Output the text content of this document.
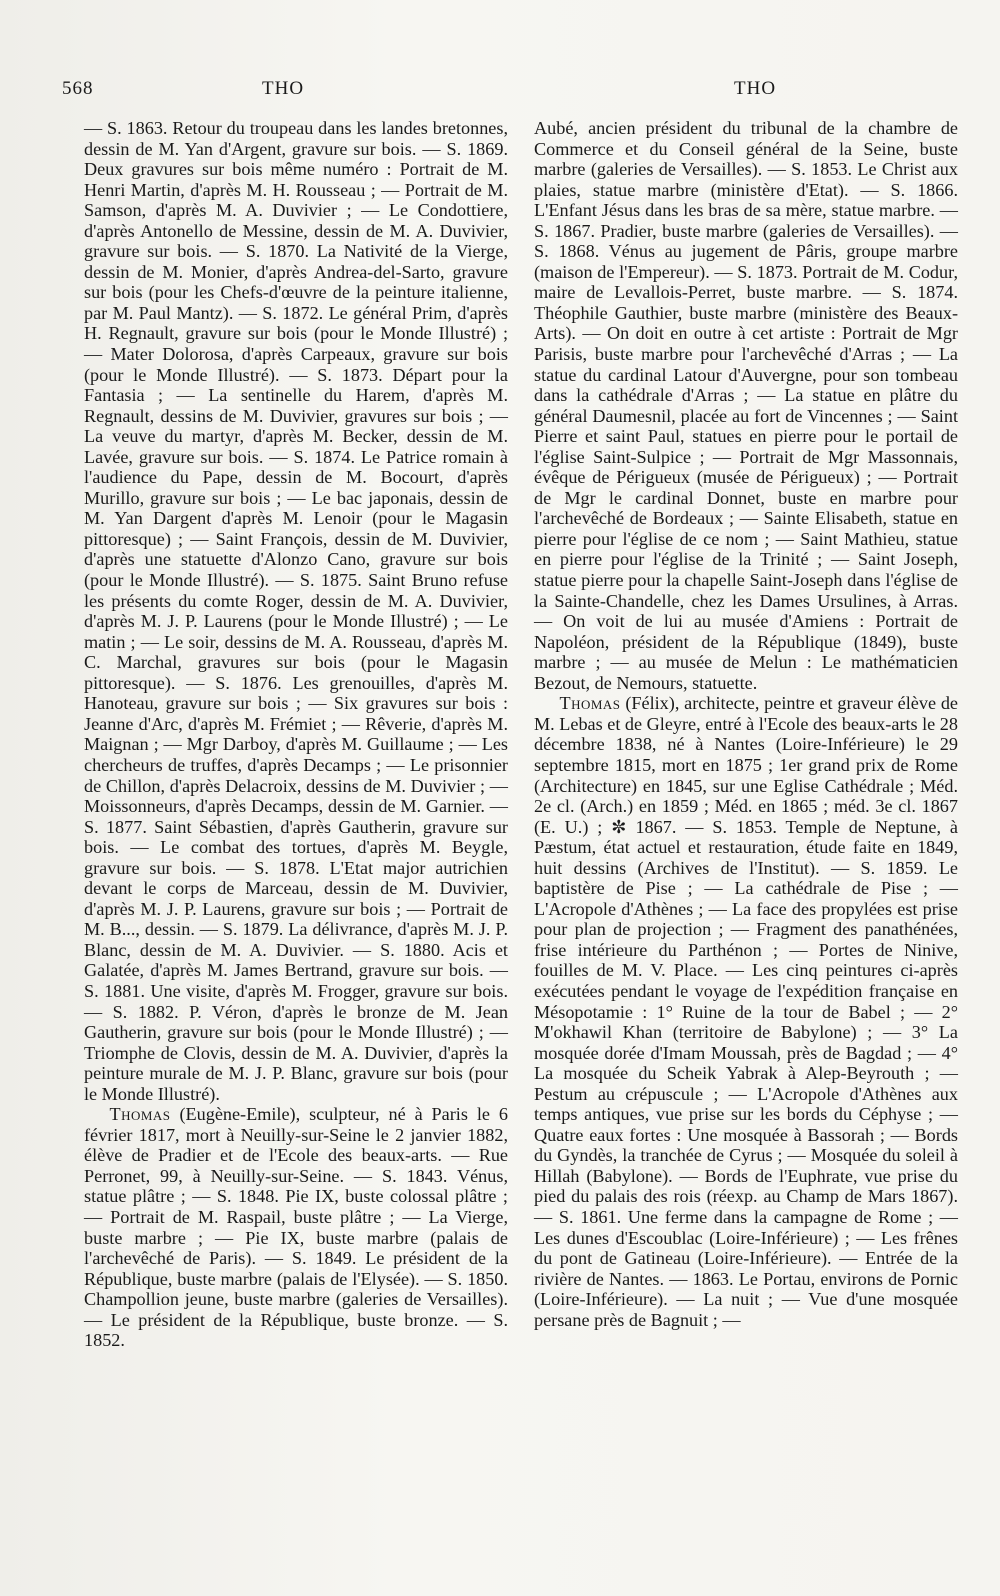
568	THO	THO

— S. 1863. Retour du troupeau dans les landes bretonnes, dessin de M. Yan d'Argent, gravure sur bois. — S. 1869. Deux gravures sur bois même numéro : Portrait de M. Henri Martin, d'après M. H. Rousseau ; — Portrait de M. Samson, d'après M. A. Duvivier ; — Le Condottiere, d'après Antonello de Messine, dessin de M. A. Duvivier, gravure sur bois. — S. 1870. La Nativité de la Vierge, dessin de M. Monier, d'après Andrea-del-Sarto, gravure sur bois (pour les Chefs-d'œuvre de la peinture italienne, par M. Paul Mantz). — S. 1872. Le général Prim, d'après H. Regnault, gravure sur bois (pour le Monde Illustré) ; — Mater Dolorosa, d'après Carpeaux, gravure sur bois (pour le Monde Illustré). — S. 1873. Départ pour la Fantasia ; — La sentinelle du Harem, d'après M. Regnault, dessins de M. Duvivier, gravures sur bois ; — La veuve du martyr, d'après M. Becker, dessin de M. Lavée, gravure sur bois. — S. 1874. Le Patrice romain à l'audience du Pape, dessin de M. Bocourt, d'après Murillo, gravure sur bois ; — Le bac japonais, dessin de M. Yan Dargent d'après M. Lenoir (pour le Magasin pittoresque) ; — Saint François, dessin de M. Duvivier, d'après une statuette d'Alonzo Cano, gravure sur bois (pour le Monde Illustré). — S. 1875. Saint Bruno refuse les présents du comte Roger, dessin de M. A. Duvivier, d'après M. J. P. Laurens (pour le Monde Illustré) ; — Le matin ; — Le soir, dessins de M. A. Rousseau, d'après M. C. Marchal, gravures sur bois (pour le Magasin pittoresque). — S. 1876. Les grenouilles, d'après M. Hanoteau, gravure sur bois ; — Six gravures sur bois : Jeanne d'Arc, d'après M. Frémiet ; — Rêverie, d'après M. Maignan ; — Mgr Darboy, d'après M. Guillaume ; — Les chercheurs de truffes, d'après Decamps ; — Le prisonnier de Chillon, d'après Delacroix, dessins de M. Duvivier ; — Moissonneurs, d'après Decamps, dessin de M. Garnier. — S. 1877. Saint Sébastien, d'après Gautherin, gravure sur bois. — Le combat des tortues, d'après M. Beygle, gravure sur bois. — S. 1878. L'Etat major autrichien devant le corps de Marceau, dessin de M. Duvivier, d'après M. J. P. Laurens, gravure sur bois ; — Portrait de M. B..., dessin. — S. 1879. La délivrance, d'après M. J. P. Blanc, dessin de M. A. Duvivier. — S. 1880. Acis et Galatée, d'après M. James Bertrand, gravure sur bois. — S. 1881. Une visite, d'après M. Frogger, gravure sur bois. — S. 1882. P. Véron, d'après le bronze de M. Jean Gautherin, gravure sur bois (pour le Monde Illustré) ; — Triomphe de Clovis, dessin de M. A. Duvivier, d'après la peinture murale de M. J. P. Blanc, gravure sur bois (pour le Monde Illustré).

Thomas (Eugène-Emile), sculpteur, né à Paris le 6 février 1817, mort à Neuilly-sur-Seine le 2 janvier 1882, élève de Pradier et de l'Ecole des beaux-arts. — Rue Perronet, 99, à Neuilly-sur-Seine. — S. 1843. Vénus, statue plâtre ; — S. 1848. Pie IX, buste colossal plâtre ; — Portrait de M. Raspail, buste plâtre ; — La Vierge, buste marbre ; — Pie IX, buste marbre (palais de l'archevêché de Paris). — S. 1849. Le président de la République, buste marbre (palais de l'Elysée). — S. 1850. Champollion jeune, buste marbre (galeries de Versailles). — Le président de la République, buste bronze. — S. 1852.

Aubé, ancien président du tribunal de la chambre de Commerce et du Conseil général de la Seine, buste marbre (galeries de Versailles). — S. 1853. Le Christ aux plaies, statue marbre (ministère d'Etat). — S. 1866. L'Enfant Jésus dans les bras de sa mère, statue marbre. — S. 1867. Pradier, buste marbre (galeries de Versailles). — S. 1868. Vénus au jugement de Pâris, groupe marbre (maison de l'Empereur). — S. 1873. Portrait de M. Codur, maire de Levallois-Perret, buste marbre. — S. 1874. Théophile Gauthier, buste marbre (ministère des Beaux-Arts). — On doit en outre à cet artiste : Portrait de Mgr Parisis, buste marbre pour l'archevêché d'Arras ; — La statue du cardinal Latour d'Auvergne, pour son tombeau dans la cathédrale d'Arras ; — La statue en plâtre du général Daumesnil, placée au fort de Vincennes ; — Saint Pierre et saint Paul, statues en pierre pour le portail de l'église Saint-Sulpice ; — Portrait de Mgr Massonnais, évêque de Périgueux (musée de Périgueux) ; — Portrait de Mgr le cardinal Donnet, buste en marbre pour l'archevêché de Bordeaux ; — Sainte Elisabeth, statue en pierre pour l'église de ce nom ; — Saint Mathieu, statue en pierre pour l'église de la Trinité ; — Saint Joseph, statue pierre pour la chapelle Saint-Joseph dans l'église de la Sainte-Chandelle, chez les Dames Ursulines, à Arras. — On voit de lui au musée d'Amiens : Portrait de Napoléon, président de la République (1849), buste marbre ; — au musée de Melun : Le mathématicien Bezout, de Nemours, statuette.

Thomas (Félix), architecte, peintre et graveur élève de M. Lebas et de Gleyre, entré à l'Ecole des beaux-arts le 28 décembre 1838, né à Nantes (Loire-Inférieure) le 29 septembre 1815, mort en 1875 ; 1er grand prix de Rome (Architecture) en 1845, sur une Eglise Cathédrale ; Méd. 2e cl. (Arch.) en 1859 ; Méd. en 1865 ; méd. 3e cl. 1867 (E. U.) ; ✼ 1867. — S. 1853. Temple de Neptune, à Pæstum, état actuel et restauration, étude faite en 1849, huit dessins (Archives de l'Institut). — S. 1859. Le baptistère de Pise ; — La cathédrale de Pise ; — L'Acropole d'Athènes ; — La face des propylées est prise pour plan de projection ; — Fragment des panathénées, frise intérieure du Parthénon ; — Portes de Ninive, fouilles de M. V. Place. — Les cinq peintures ci-après exécutées pendant le voyage de l'expédition française en Mésopotamie : 1° Ruine de la tour de Babel ; — 2° M'okhawil Khan (territoire de Babylone) ; — 3° La mosquée dorée d'Imam Moussah, près de Bagdad ; — 4° La mosquée du Scheik Yabrak à Alep-Beyrouth ; — Pestum au crépuscule ; — L'Acropole d'Athènes aux temps antiques, vue prise sur les bords du Céphyse ; — Quatre eaux fortes : Une mosquée à Bassorah ; — Bords du Gyndès, la tranchée de Cyrus ; — Mosquée du soleil à Hillah (Babylone). — Bords de l'Euphrate, vue prise du pied du palais des rois (réexp. au Champ de Mars 1867). — S. 1861. Une ferme dans la campagne de Rome ; — Les dunes d'Escoublac (Loire-Inférieure) ; — Les frênes du pont de Gatineau (Loire-Inférieure). — Entrée de la rivière de Nantes. — 1863. Le Portau, environs de Pornic (Loire-Inférieure). — La nuit ; — Vue d'une mosquée persane près de Bagnuit ; —
